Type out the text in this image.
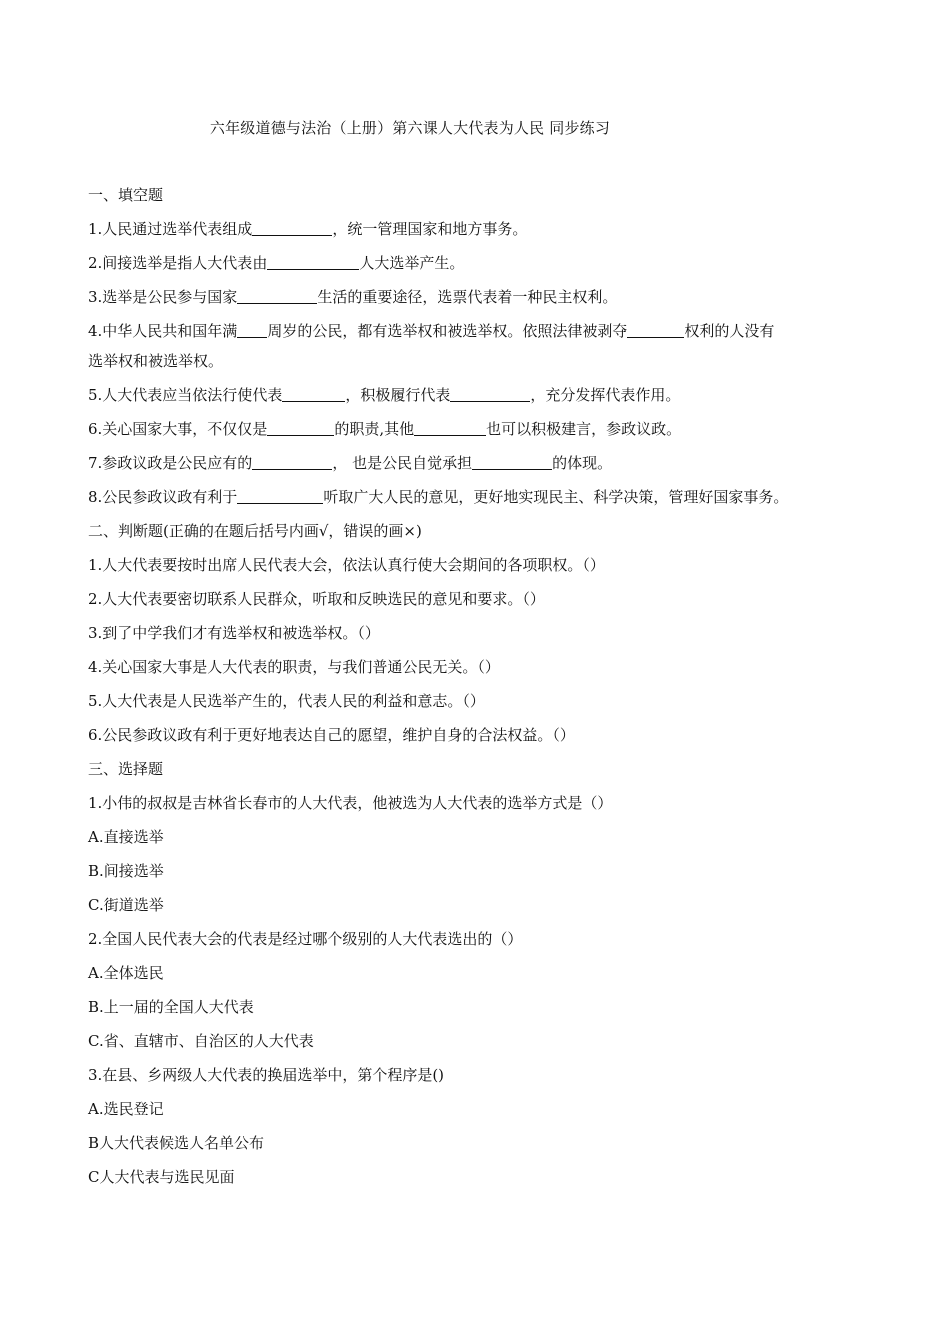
六年级道德与法治（上册）第六课人大代表为人民 同步练习
一、填空题
1.人民通过选举代表组成	，统一管理国家和地方事务。
2.间接选举是指人大代表由	人大选举产生。
3.选举是公民参与国家	生活的重要途径，选票代表着一种民主权利。
4.中华人民共和国年满 周岁的公民，都有选举权和被选举权。依照法律被剥夺	权利的人没有
选举权和被选举权。
5.人大代表应当依法行使代表	，积极履行代表	，充分发挥代表作用。
6.关心国家大事，不仅仅是	的职责,其他	也可以积极建言，参政议政。
7.参政议政是公民应有的	， 也是公民自觉承担	的体现。
8.公民参政议政有利于	听取广大人民的意见，更好地实现民主、科学决策，管理好国家事务。
二、判断题(正确的在题后括号内画√，错误的画×)
1.人大代表要按时出席人民代表大会，依法认真行使大会期间的各项职权。（）
2.人大代表要密切联系人民群众，听取和反映选民的意见和要求。（）
3.到了中学我们才有选举权和被选举权。（）
4.关心国家大事是人大代表的职责，与我们普通公民无关。（）
5.人大代表是人民选举产生的，代表人民的利益和意志。（）
6.公民参政议政有利于更好地表达自己的愿望，维护自身的合法权益。（）
三、选择题
1.小伟的叔叔是吉林省长春市的人大代表，他被选为人大代表的选举方式是（）
A.直接选举
B.间接选举
C.街道选举
2.全国人民代表大会的代表是经过哪个级别的人大代表选出的（）
A.全体选民
B.上一届的全国人大代表
C.省、直辖市、自治区的人大代表
3.在县、乡两级人大代表的换届选举中，第个程序是()
A.选民登记
B人大代表候选人名单公布
C人大代表与选民见面
